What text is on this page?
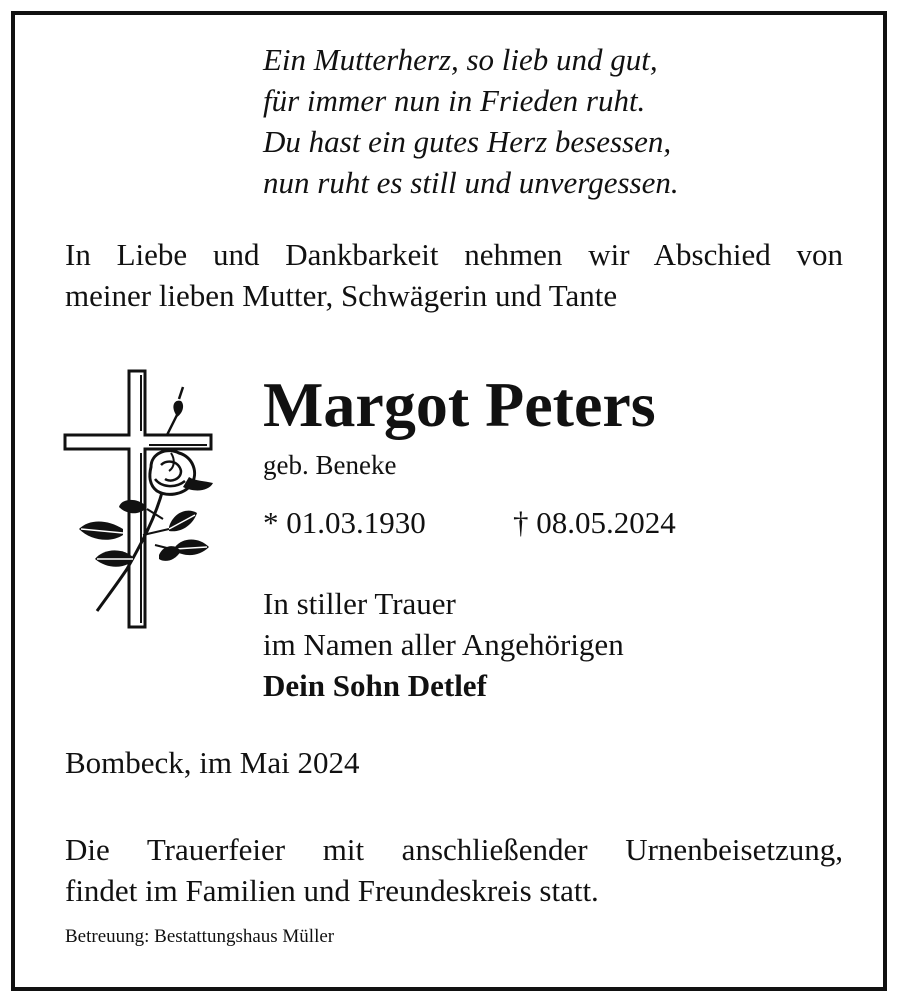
Ein Mutterherz, so lieb und gut,
für immer nun in Frieden ruht.
Du hast ein gutes Herz besessen,
nun ruht es still und unvergessen.
In Liebe und Dankbarkeit nehmen wir Abschied von
meiner lieben Mutter, Schwägerin und Tante
Margot Peters
geb. Beneke
* 01.03.1930	† 08.05.2024
In stiller Trauer
im Namen aller Angehörigen
Dein Sohn Detlef
Bombeck, im Mai 2024
Die Trauerfeier mit anschließender Urnenbeisetzung,
findet im Familien und Freundeskreis statt.
Betreuung: Bestattungshaus Müller
